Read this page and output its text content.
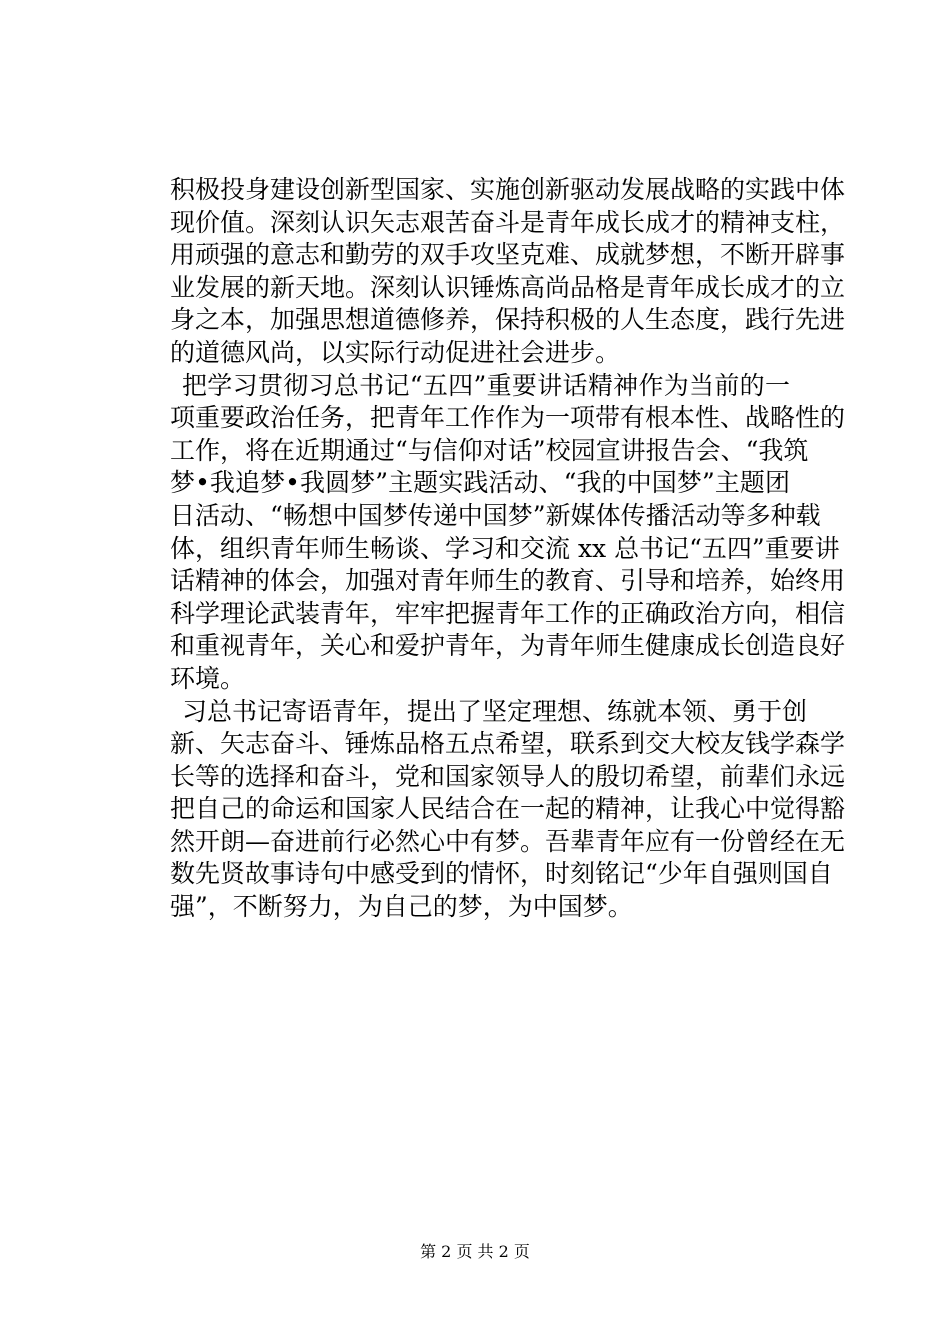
积极投身建设创新型国家、实施创新驱动发展战略的实践中体
现价值。深刻认识矢志艰苦奋斗是青年成长成才的精神支柱，
用顽强的意志和勤劳的双手攻坚克难、成就梦想，不断开辟事
业发展的新天地。深刻认识锤炼高尚品格是青年成长成才的立
身之本，加强思想道德修养，保持积极的人生态度，践行先进
的道德风尚，以实际行动促进社会进步。
把学习贯彻习总书记“五四”重要讲话精神作为当前的一
项重要政治任务，把青年工作作为一项带有根本性、战略性的
工作，将在近期通过“与信仰对话”校园宣讲报告会、“我筑
梦•我追梦•我圆梦”主题实践活动、“我的中国梦”主题团
日活动、“畅想中国梦传递中国梦”新媒体传播活动等多种载
体，组织青年师生畅谈、学习和交流 xx 总书记“五四”重要讲
话精神的体会，加强对青年师生的教育、引导和培养，始终用
科学理论武装青年，牢牢把握青年工作的正确政治方向，相信
和重视青年，关心和爱护青年，为青年师生健康成长创造良好
环境。
习总书记寄语青年，提出了坚定理想、练就本领、勇于创
新、矢志奋斗、锤炼品格五点希望，联系到交大校友钱学森学
长等的选择和奋斗，党和国家领导人的殷切希望，前辈们永远
把自己的命运和国家人民结合在一起的精神，让我心中觉得豁
然开朗—奋进前行必然心中有梦。吾辈青年应有一份曾经在无
数先贤故事诗句中感受到的情怀，时刻铭记“少年自强则国自
强”，不断努力，为自己的梦，为中国梦。
第 2 页 共 2 页
